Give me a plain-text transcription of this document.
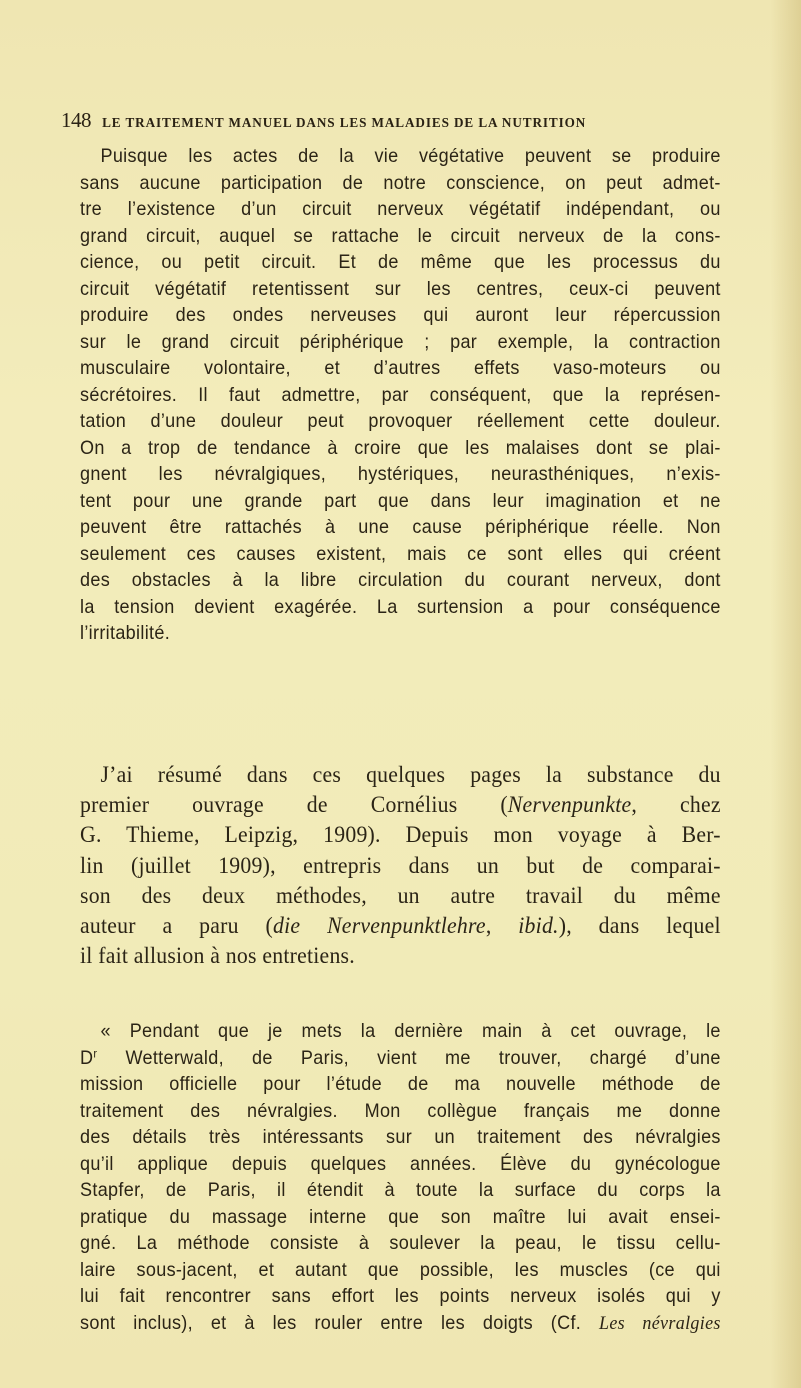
148 LE TRAITEMENT MANUEL DANS LES MALADIES DE LA NUTRITION
Puisque les actes de la vie végétative peuvent se produire
sans aucune participation de notre conscience, on peut admet-
tre l’existence d’un circuit nerveux végétatif indépendant, ou
grand circuit, auquel se rattache le circuit nerveux de la cons-
cience, ou petit circuit. Et de même que les processus du
circuit végétatif retentissent sur les centres, ceux-ci peuvent
produire des ondes nerveuses qui auront leur répercussion
sur le grand circuit périphérique ; par exemple, la contraction
musculaire volontaire, et d’autres effets vaso-moteurs ou
sécrétoires. Il faut admettre, par conséquent, que la représen-
tation d’une douleur peut provoquer réellement cette douleur.
On a trop de tendance à croire que les malaises dont se plai-
gnent les névralgiques, hystériques, neurasthéniques, n’exis-
tent pour une grande part que dans leur imagination et ne
peuvent être rattachés à une cause périphérique réelle. Non
seulement ces causes existent, mais ce sont elles qui créent
des obstacles à la libre circulation du courant nerveux, dont
la tension devient exagérée. La surtension a pour conséquence
l’irritabilité.
J’ai résumé dans ces quelques pages la substance du
premier ouvrage de Cornélius (Nervenpunkte, chez
G. Thieme, Leipzig, 1909). Depuis mon voyage à Ber-
lin (juillet 1909), entrepris dans un but de comparai-
son des deux méthodes, un autre travail du même
auteur a paru (die Nervenpunktlehre, ibid.), dans lequel
il fait allusion à nos entretiens.
« Pendant que je mets la dernière main à cet ouvrage, le
$D^r$ Wetterwald, de Paris, vient me trouver, chargé d’une
mission officielle pour l’étude de ma nouvelle méthode de
traitement des névralgies. Mon collègue français me donne
des détails très intéressants sur un traitement des névralgies
qu’il applique depuis quelques années. Élève du gynécologue
Stapfer, de Paris, il étendit à toute la surface du corps la
pratique du massage interne que son maître lui avait ensei-
gné. La méthode consiste à soulever la peau, le tissu cellu-
laire sous-jacent, et autant que possible, les muscles (ce qui
lui fait rencontrer sans effort les points nerveux isolés qui y
sont inclus), et à les rouler entre les doigts (Cf. Les névralgies
